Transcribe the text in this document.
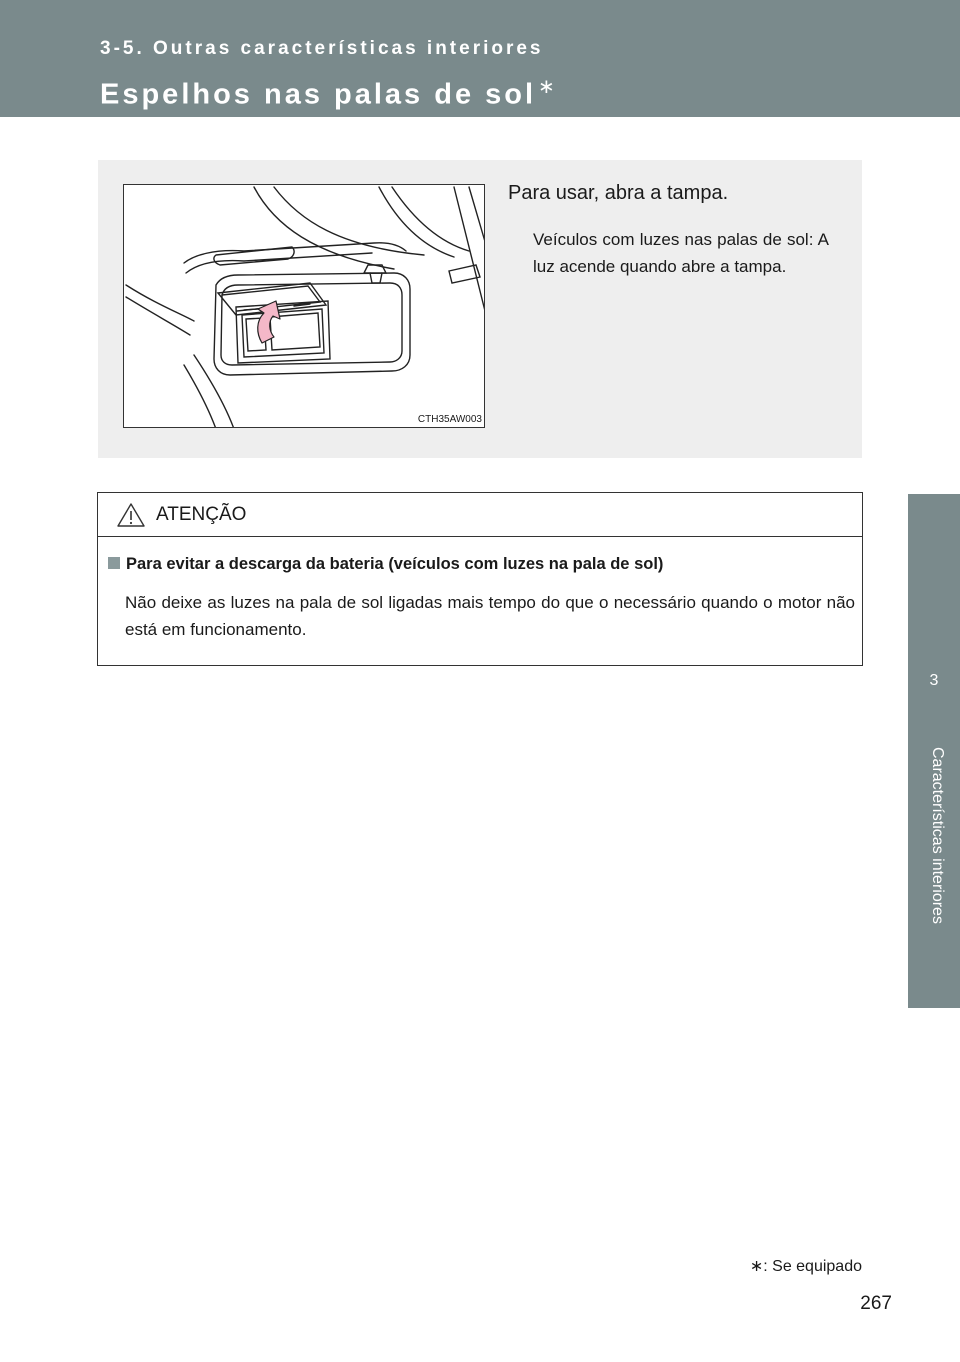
3-5. Outras características interiores
Espelhos nas palas de sol ∗
3
Características interiores
CTH35AW003
Para usar, abra a tampa.
Veículos com luzes nas palas de sol: A luz acende quando abre a tampa.
ATENÇÃO
Para evitar a descarga da bateria (veículos com luzes na pala de sol)
Não deixe as luzes na pala de sol ligadas mais tempo do que o necessário quando o motor não está em funcionamento.
∗: Se equipado
267
